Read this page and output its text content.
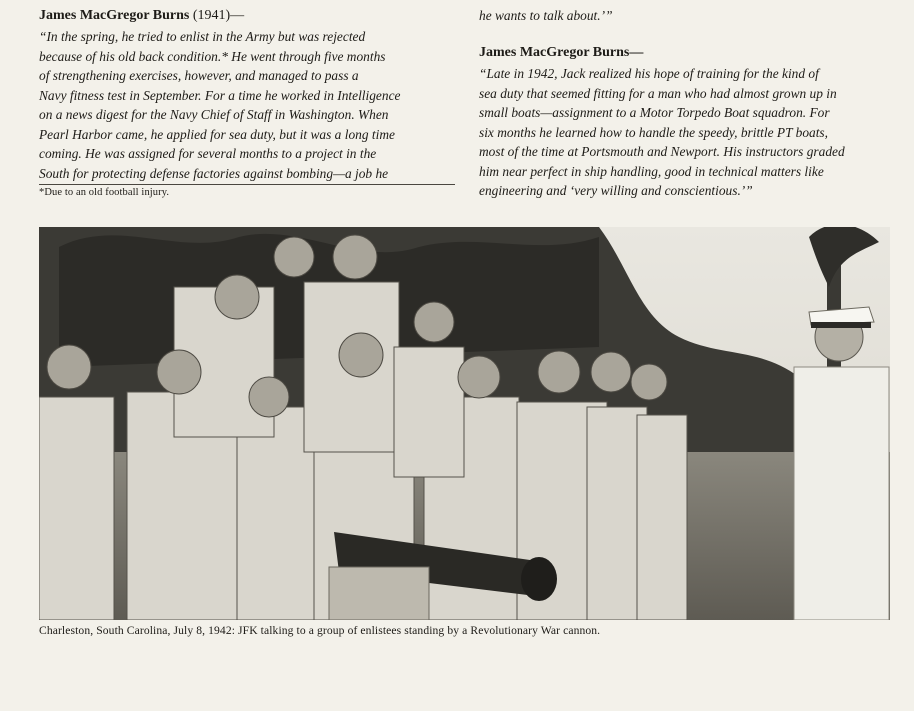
James MacGregor Burns (1941)—

“In the spring, he tried to enlist in the Army but was rejected
because of his old back condition.* He went through five months
of strengthening exercises, however, and managed to pass a
Navy fitness test in September. For a time he worked in Intelligence
on a news digest for the Navy Chief of Staff in Washington. When
Pearl Harbor came, he applied for sea duty, but it was a long time
coming. He was assigned for several months to a project in the
South for protecting defense factories against bombing—a job he
*Due to an old football injury.
he wants to talk about.’”

James MacGregor Burns—

“Late in 1942, Jack realized his hope of training for the kind of
sea duty that seemed fitting for a man who had almost grown up in
small boats—assignment to a Motor Torpedo Boat squadron. For
six months he learned how to handle the speedy, brittle PT boats,
most of the time at Portsmouth and Newport. His instructors graded
him near perfect in ship handling, good in technical matters like
engineering and ‘very willing and conscientious.’”
Charleston, South Carolina, July 8, 1942: JFK talking to a group of enlistees standing by a Revolutionary War cannon.
